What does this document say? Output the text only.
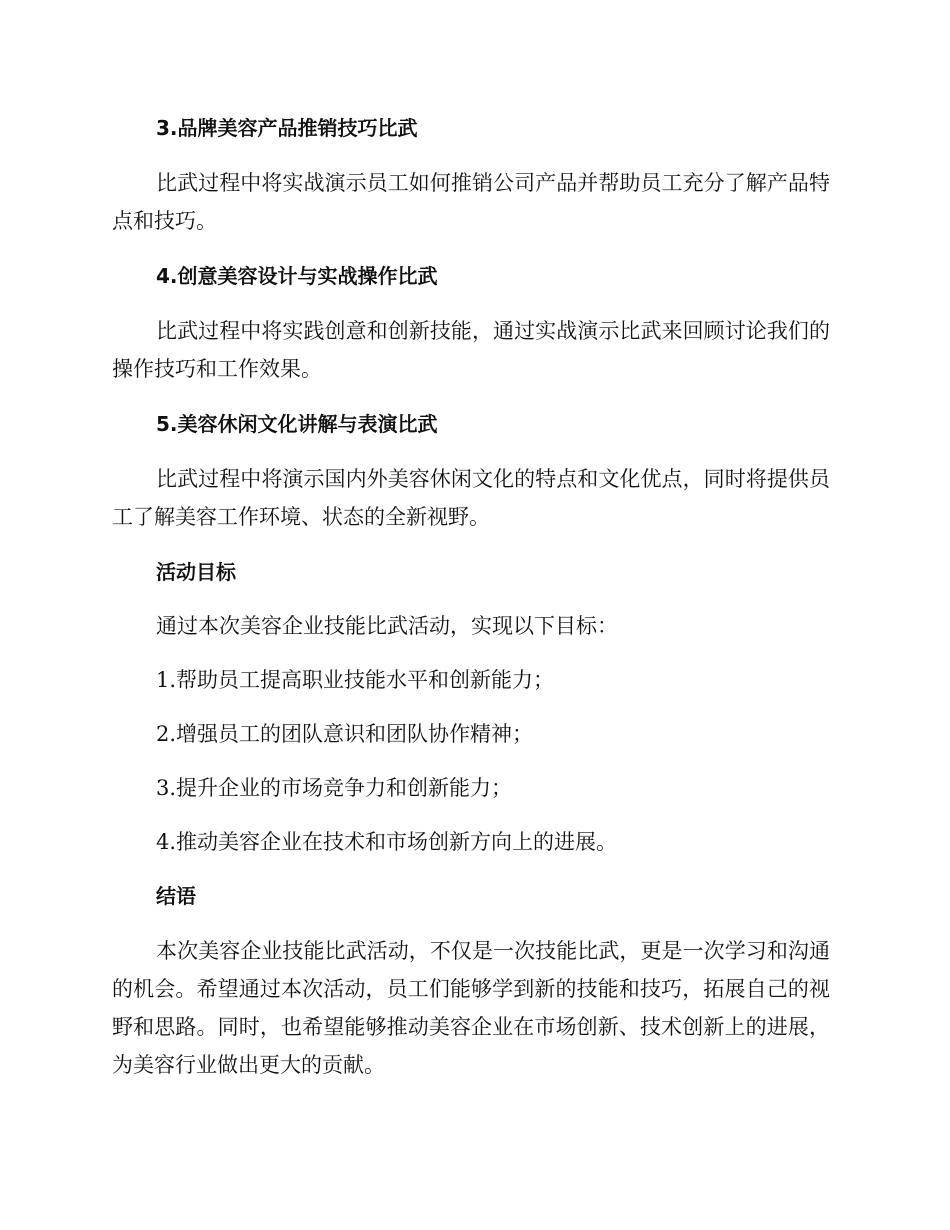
3.品牌美容产品推销技巧比武

比武过程中将实战演示员工如何推销公司产品并帮助员工充分了解产品特点和技巧。

4.创意美容设计与实战操作比武

比武过程中将实践创意和创新技能，通过实战演示比武来回顾讨论我们的操作技巧和工作效果。

5.美容休闲文化讲解与表演比武

比武过程中将演示国内外美容休闲文化的特点和文化优点，同时将提供员工了解美容工作环境、状态的全新视野。

活动目标
通过本次美容企业技能比武活动，实现以下目标：
1.帮助员工提高职业技能水平和创新能力；
2.增强员工的团队意识和团队协作精神；
3.提升企业的市场竞争力和创新能力；
4.推动美容企业在技术和市场创新方向上的进展。
结语

本次美容企业技能比武活动，不仅是一次技能比武，更是一次学习和沟通的机会。希望通过本次活动，员工们能够学到新的技能和技巧，拓展自己的视野和思路。同时，也希望能够推动美容企业在市场创新、技术创新上的进展，为美容行业做出更大的贡献。
